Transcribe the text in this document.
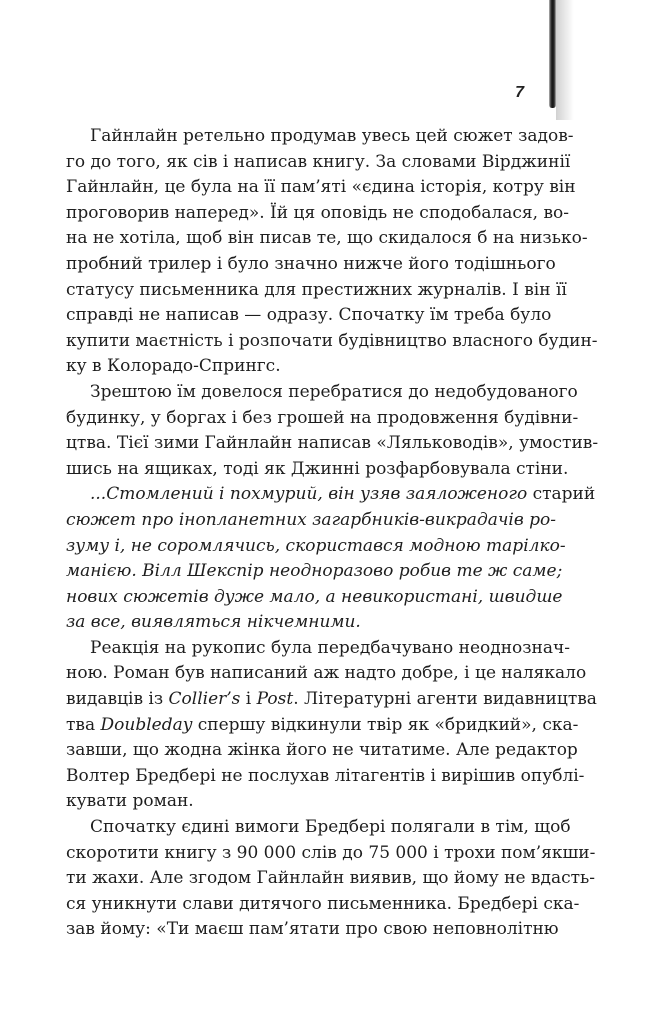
7
Гайнлайн ретельно продумав увесь цей сюжет задов-
го до того, як сів і написав книгу. За словами Вірджинії
Гайнлайн, це була на її пам’яті «єдина історія, котру він
проговорив наперед». Їй ця оповідь не сподобалася, во-
на не хотіла, щоб він писав те, що скидалося б на низько-
пробний трилер і було значно нижче його тодішнього
статусу письменника для престижних журналів. І він її
справді не написав — одразу. Спочатку їм треба було
купити маєтність і розпочати будівництво власного будин-
ку в Колорадо-Спрингс.
Зрештою їм довелося перебратися до недобудованого
будинку, у боргах і без грошей на продовження будівни-
цтва. Тієї зими Гайнлайн написав «Ляльководів», умостив-
шись на ящиках, тоді як Джинні розфарбовувала стіни.
...Стомлений і похмурий, він узяв заяложеного старий
сюжет про інопланетних загарбників-викрадачів ро-
зуму і, не соромлячись, скористався модною тарілко-
манією. Вілл Шекспір неодноразово робив те ж саме;
нових сюжетів дуже мало, а невикористані, швидше
за все, виявляться нікчемними.
Реакція на рукопис була передбачувано неоднознач-
ною. Роман був написаний аж надто добре, і це налякало
видавців із Collier’s і Post. Літературні агенти видавництва
тва Doubleday спершу відкинули твір як «бридкий», ска-
завши, що жодна жінка його не читатиме. Але редактор
Волтер Бредбері не послухав літагентів і вирішив опублі-
кувати роман.
Спочатку єдині вимоги Бредбері полягали в тім, щоб
скоротити книгу з 90 000 слів до 75 000 і трохи пом’якши-
ти жахи. Але згодом Гайнлайн виявив, що йому не вдасть-
ся уникнути слави дитячого письменника. Бредбері ска-
зав йому: «Ти маєш пам’ятати про свою неповнолітню
